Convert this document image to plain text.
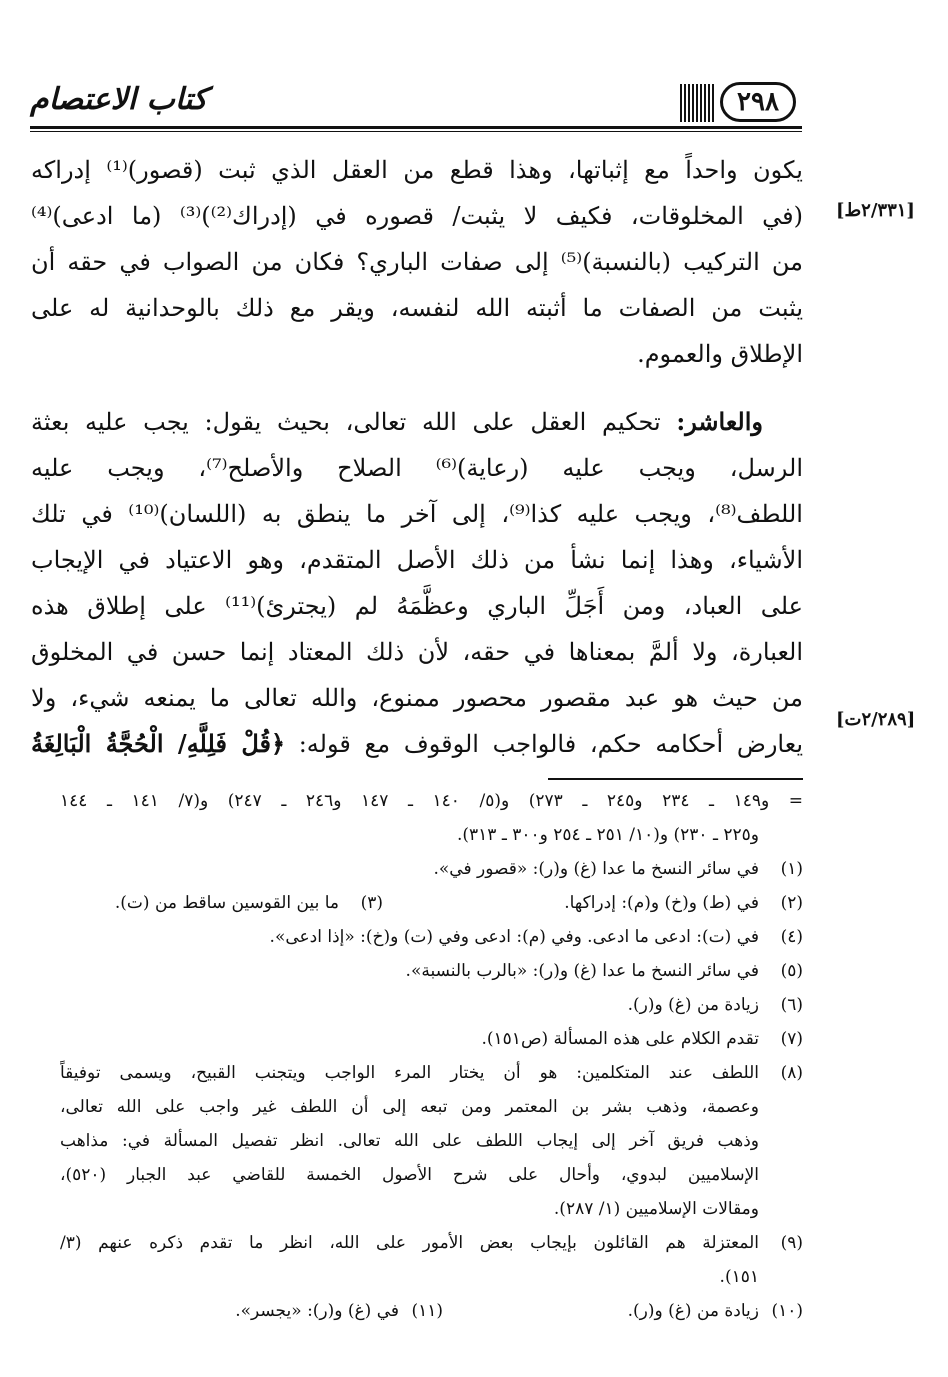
كتاب الاعتصام	٢٩٨
[٢/٣٣١ط]
[٢/٢٨٩ت]
يكون واحداً مع إثباتها، وهذا قطع من العقل الذي ثبت (قصور)⁽¹⁾ إدراكه
(في المخلوقات، فكيف لا يثبت/ قصوره في (إدراك⁽²⁾)⁽³⁾ (ما ادعى)⁽⁴⁾
من التركيب (بالنسبة)⁽⁵⁾ إلى صفات الباري؟ فكان من الصواب في حقه أن
يثبت من الصفات ما أثبته الله لنفسه، ويقر مع ذلك بالوحدانية له على
الإطلاق والعموم.
والعاشر: تحكيم العقل على الله تعالى، بحيث يقول: يجب عليه بعثة
الرسل، ويجب عليه (رعاية)⁽⁶⁾ الصلاح والأصلح⁽⁷⁾، ويجب عليه
اللطف⁽⁸⁾، ويجب عليه كذا⁽⁹⁾، إلى آخر ما ينطق به (اللسان)⁽¹⁰⁾ في تلك
الأشياء، وهذا إنما نشأ من ذلك الأصل المتقدم، وهو الاعتياد في الإيجاب
على العباد، ومن أَجَلِّ الباري وعظَّمَهُ لم (يجترئ)⁽¹¹⁾ على إطلاق هذه
العبارة، ولا ألمَّ بمعناها في حقه، لأن ذلك المعتاد إنما حسن في المخلوق
من حيث هو عبد مقصور محصور ممنوع، والله تعالى ما يمنعه شيء، ولا
يعارض أحكامه حكم، فالواجب الوقوف مع قوله: ﴿قُلْ فَلِلَّهِ/ الْحُجَّةُ الْبَالِغَةُ
= و١٤٩ ـ ٢٣٤ و٢٤٥ ـ ٢٧٣) و(٥/ ١٤٠ ـ ١٤٧ و٢٤٦ ـ ٢٤٧) و(٧/ ١٤١ ـ ١٤٤
و٢٢٥ ـ ٢٣٠) و(١٠/ ٢٥١ ـ ٢٥٤ و٣٠٠ ـ ٣١٣).
(١)في سائر النسخ ما عدا (غ) و(ر): «قصور في».
(٢)في (ط) و(خ) و(م): إدراكها.
(٣)ما بين القوسين ساقط من (ت).
(٤)في (ت): ادعى ما ادعى. وفي (م): ادعى وفي (ت) و(خ): «إذا ادعى».
(٥)في سائر النسخ ما عدا (غ) و(ر): «بالرب بالنسبة».
(٦)زيادة من (غ) و(ر).
(٧)تقدم الكلام على هذه المسألة (ص١٥١).
(٨)اللطف عند المتكلمين: هو أن يختار المرء الواجب ويتجنب القبيح، ويسمى توفيقاً
وعصمة، وذهب بشر بن المعتمر ومن تبعه إلى أن اللطف غير واجب على الله تعالى،
وذهب فريق آخر إلى إيجاب اللطف على الله تعالى. انظر تفصيل المسألة في: مذاهب
الإسلاميين لبدوي، وأحال على شرح الأصول الخمسة للقاضي عبد الجبار (٥٢٠)،
ومقالات الإسلاميين (١/ ٢٨٧).
(٩)المعتزلة هم القائلون بإيجاب بعض الأمور على الله، انظر ما تقدم ذكره عنهم (٣/
١٥١).
(١٠)زيادة من (غ) و(ر).
(١١)في (غ) و(ر): «يجسر».
